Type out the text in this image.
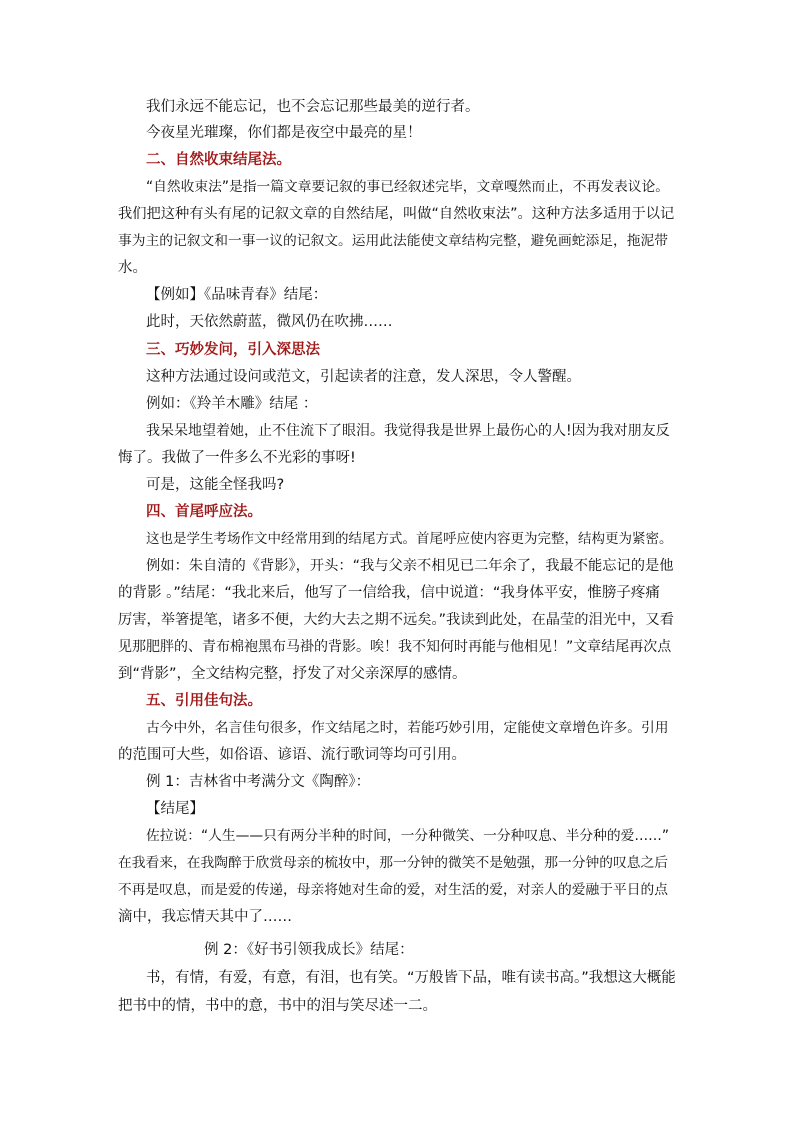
我们永远不能忘记，也不会忘记那些最美的逆行者。
今夜星光璀璨，你们都是夜空中最亮的星！
二、自然收束结尾法。
“自然收束法”是指一篇文章要记叙的事已经叙述完毕，文章嘎然而止，不再发表议论。
我们把这种有头有尾的记叙文章的自然结尾，叫做“自然收束法”。这种方法多适用于以记
事为主的记叙文和一事一议的记叙文。运用此法能使文章结构完整，避免画蛇添足，拖泥带
水。
【例如】《品味青春》结尾：
此时，天依然蔚蓝，微风仍在吹拂……
三、巧妙发问，引入深思法
这种方法通过设问或范文，引起读者的注意，发人深思，令人警醒。
例如：《羚羊木雕》结尾 ：
我呆呆地望着她，止不住流下了眼泪。我觉得我是世界上最伤心的人!因为我对朋友反
悔了。我做了一件多么不光彩的事呀!
可是，这能全怪我吗?
四、首尾呼应法。
这也是学生考场作文中经常用到的结尾方式。首尾呼应使内容更为完整，结构更为紧密。
例如：朱自清的《背影》，开头：“我与父亲不相见已二年余了，我最不能忘记的是他
的背影 。”结尾：“我北来后，他写了一信给我，信中说道：“我身体平安，惟膀子疼痛
厉害，举箸提笔，诸多不便，大约大去之期不远矣。”我读到此处，在晶莹的泪光中，又看
见那肥胖的、青布棉袍黑布马褂的背影。唉！我不知何时再能与他相见！”文章结尾再次点
到“背影”，全文结构完整，抒发了对父亲深厚的感情。
五、引用佳句法。
古今中外，名言佳句很多，作文结尾之时，若能巧妙引用，定能使文章增色许多。引用
的范围可大些，如俗语、谚语、流行歌词等均可引用。
例 1：吉林省中考满分文《陶醉》：
【结尾】
佐拉说：“人生——只有两分半种的时间，一分种微笑、一分种叹息、半分种的爱……”
在我看来，在我陶醉于欣赏母亲的梳妆中，那一分钟的微笑不是勉强，那一分钟的叹息之后
不再是叹息，而是爱的传递，母亲将她对生命的爱，对生活的爱，对亲人的爱融于平日的点
滴中，我忘情天其中了……
例 2：《好书引领我成长》结尾：
书，有情，有爱，有意，有泪，也有笑。“万般皆下品，唯有读书高。”我想这大概能
把书中的情，书中的意，书中的泪与笑尽述一二。
